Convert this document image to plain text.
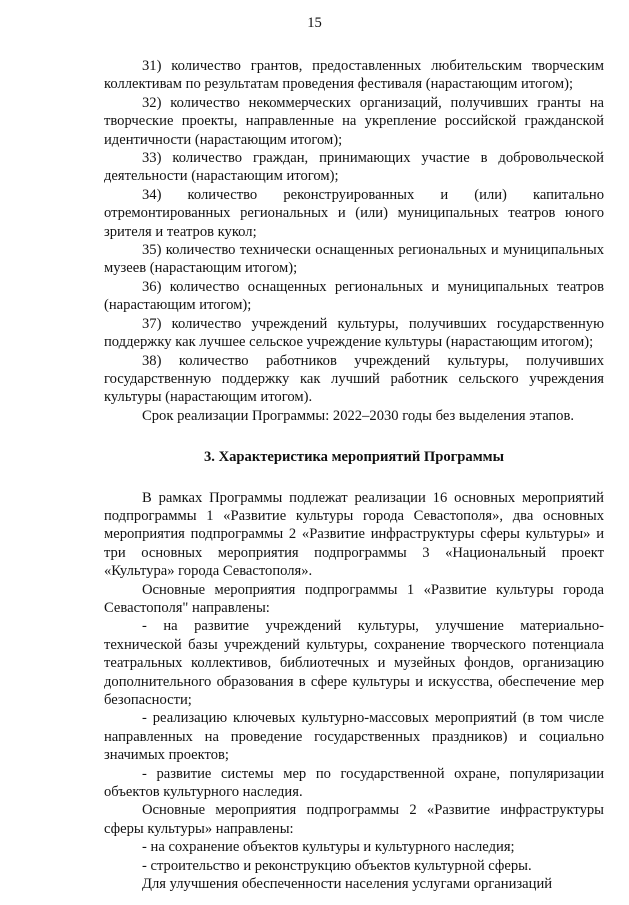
15

31) количество грантов, предоставленных любительским творческим коллективам по результатам проведения фестиваля (нарастающим итогом);

32) количество некоммерческих организаций, получивших гранты на творческие проекты, направленные на укрепление российской гражданской идентичности (нарастающим итогом);

33) количество граждан, принимающих участие в добровольческой деятельности (нарастающим итогом);

34) количество реконструированных и (или) капитально отремонтированных региональных и (или) муниципальных театров юного зрителя и театров кукол;

35) количество технически оснащенных региональных и муниципальных музеев (нарастающим итогом);

36) количество оснащенных региональных и муниципальных театров (нарастающим итогом);

37) количество учреждений культуры, получивших государственную поддержку как лучшее сельское учреждение культуры (нарастающим итогом);

38) количество работников учреждений культуры, получивших государственную поддержку как лучший работник сельского учреждения культуры (нарастающим итогом).

Срок реализации Программы: 2022–2030 годы без выделения этапов.

3. Характеристика мероприятий Программы

В рамках Программы подлежат реализации 16 основных мероприятий подпрограммы 1 «Развитие культуры города Севастополя», два основных мероприятия подпрограммы 2 «Развитие инфраструктуры сферы культуры» и три основных мероприятия подпрограммы 3 «Национальный проект «Культура» города Севастополя».

Основные мероприятия подпрограммы 1 «Развитие культуры города Севастополя" направлены:

- на развитие учреждений культуры, улучшение материально-технической базы учреждений культуры, сохранение творческого потенциала театральных коллективов, библиотечных и музейных фондов, организацию дополнительного образования в сфере культуры и искусства, обеспечение мер безопасности;

- реализацию ключевых культурно-массовых мероприятий (в том числе направленных на проведение государственных праздников) и социально значимых проектов;

- развитие системы мер по государственной охране, популяризации объектов культурного наследия.

Основные мероприятия подпрограммы 2 «Развитие инфраструктуры сферы культуры» направлены:

- на сохранение объектов культуры и культурного наследия;

- строительство и реконструкцию объектов культурной сферы.

Для улучшения обеспеченности населения услугами организаций
